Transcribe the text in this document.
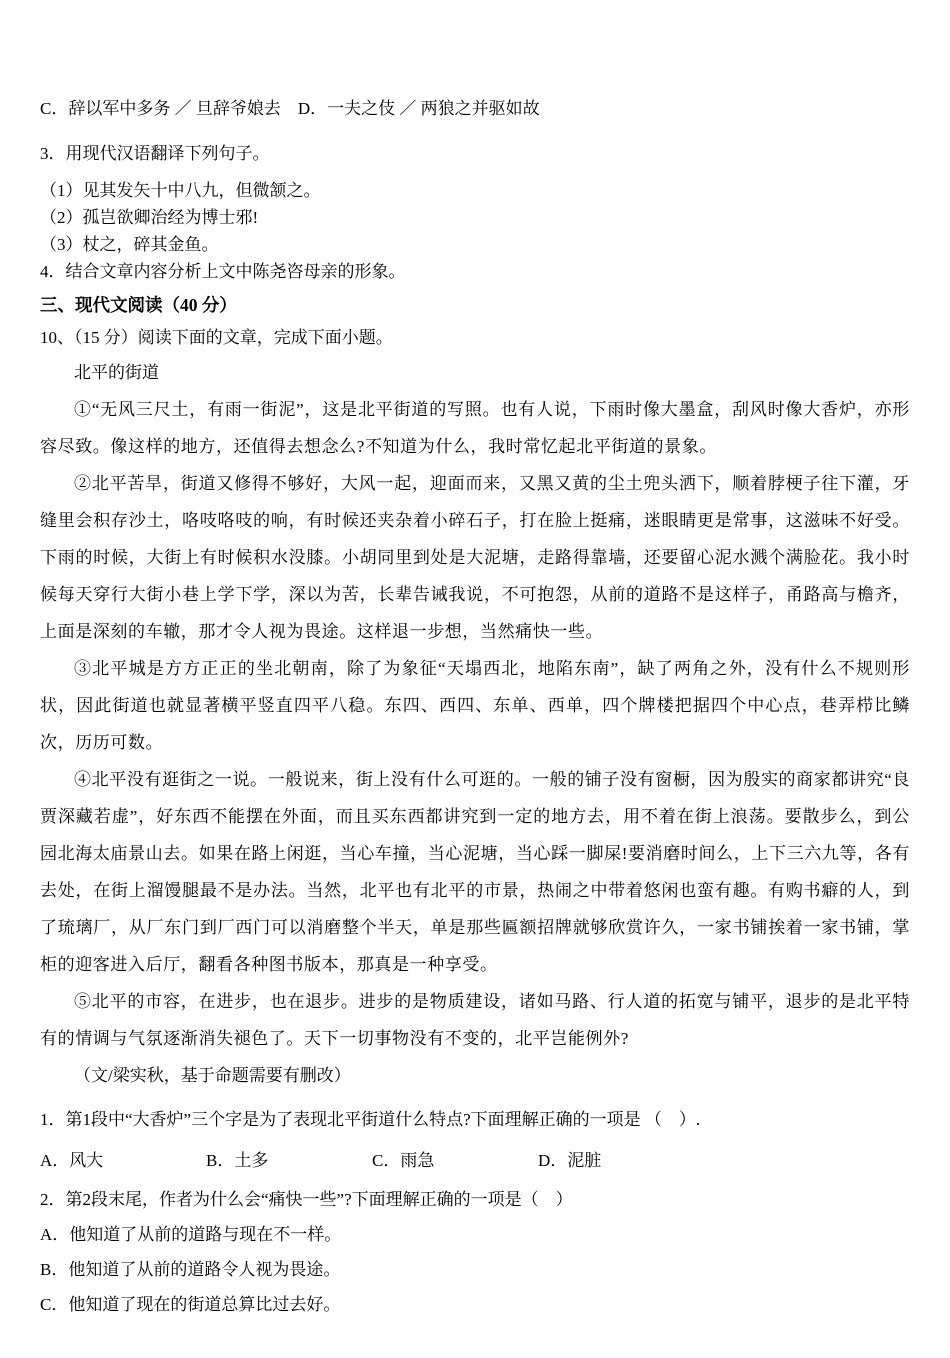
C．辞以军中多务 ／ 旦辞爷娘去　D．一夫之伎 ／ 两狼之并驱如故
3．用现代汉语翻译下列句子。
（1）见其发矢十中八九，但微颔之。
（2）孤岂欲卿治经为博士邪!
（3）杖之，碎其金鱼。
4．结合文章内容分析上文中陈尧咨母亲的形象。
三、现代文阅读（40 分）
10、（15 分）阅读下面的文章，完成下面小题。
北平的街道

①“无风三尺土，有雨一街泥”，这是北平街道的写照。也有人说，下雨时像大墨盒，刮风时像大香炉，亦形容尽致。像这样的地方，还值得去想念么?不知道为什么，我时常忆起北平街道的景象。

②北平苦旱，街道又修得不够好，大风一起，迎面而来，又黑又黄的尘土兜头洒下，顺着脖梗子往下灌，牙缝里会积存沙土，咯吱咯吱的响，有时候还夹杂着小碎石子，打在脸上挺痛，迷眼睛更是常事，这滋味不好受。下雨的时候，大街上有时候积水没膝。小胡同里到处是大泥塘，走路得靠墙，还要留心泥水溅个满脸花。我小时候每天穿行大街小巷上学下学，深以为苦，长辈告诫我说，不可抱怨，从前的道路不是这样子，甬路高与檐齐，上面是深刻的车辙，那才令人视为畏途。这样退一步想，当然痛快一些。

③北平城是方方正正的坐北朝南，除了为象征“天塌西北，地陷东南”，缺了两角之外，没有什么不规则形状，因此街道也就显著横平竖直四平八稳。东四、西四、东单、西单，四个牌楼把据四个中心点，巷弄栉比鳞次，历历可数。

④北平没有逛街之一说。一般说来，街上没有什么可逛的。一般的铺子没有窗橱，因为殷实的商家都讲究“良贾深藏若虚”，好东西不能摆在外面，而且买东西都讲究到一定的地方去，用不着在街上浪荡。要散步么，到公园北海太庙景山去。如果在路上闲逛，当心车撞，当心泥塘，当心踩一脚屎!要消磨时间么，上下三六九等，各有去处，在街上溜馒腿最不是办法。当然，北平也有北平的市景，热闹之中带着悠闲也蛮有趣。有购书癖的人，到了琉璃厂，从厂东门到厂西门可以消磨整个半天，单是那些匾额招牌就够欣赏许久，一家书铺挨着一家书铺，掌柜的迎客进入后厅，翻看各种图书版本，那真是一种享受。

⑤北平的市容，在进步，也在退步。进步的是物质建设，诸如马路、行人道的拓宽与铺平，退步的是北平特有的情调与气氛逐渐消失褪色了。天下一切事物没有不变的，北平岂能例外?

（文/梁实秋，基于命题需要有删改）
1．第1段中“大香炉”三个字是为了表现北平街道什么特点?下面理解正确的一项是 （　）.
A．风大	B．土多	C．雨急	D．泥脏
2．第2段末尾，作者为什么会“痛快一些”?下面理解正确的一项是（　）
A．他知道了从前的道路与现在不一样。
B．他知道了从前的道路令人视为畏途。
C．他知道了现在的街道总算比过去好。
